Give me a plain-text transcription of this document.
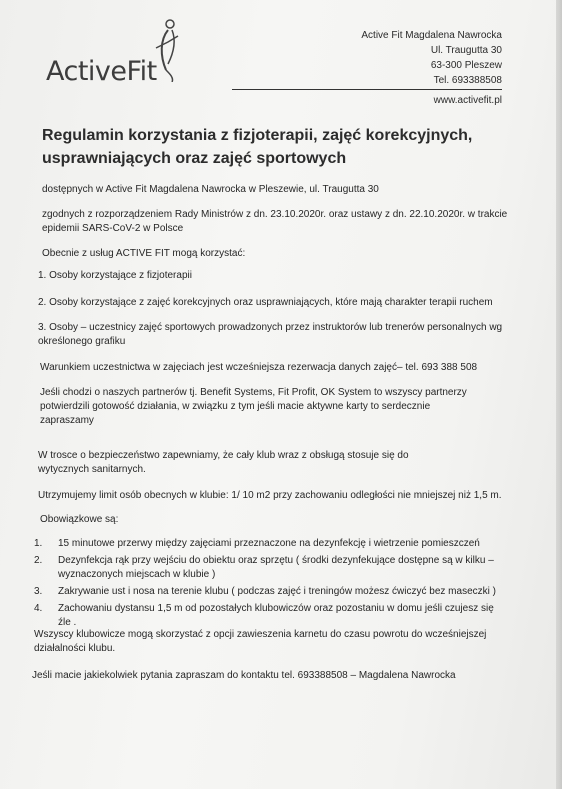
ActiveFit
Active Fit Magdalena Nawrocka
Ul. Traugutta 30
63-300 Pleszew
Tel. 693388508
www.activefit.pl
Regulamin korzystania z fizjoterapii, zajęć korekcyjnych, usprawniających oraz zajęć sportowych
dostępnych w Active Fit Magdalena Nawrocka w Pleszewie, ul. Traugutta 30
zgodnych z rozporządzeniem Rady Ministrów z dn. 23.10.2020r. oraz ustawy z dn. 22.10.2020r. w trakcie epidemii SARS-CoV-2 w Polsce
Obecnie z usług ACTIVE FIT mogą korzystać:
1. Osoby korzystające z fizjoterapii
2. Osoby korzystające z zajęć korekcyjnych oraz usprawniających, które mają charakter terapii ruchem
3. Osoby – uczestnicy zajęć sportowych prowadzonych przez instruktorów lub trenerów personalnych wg określonego grafiku
Warunkiem uczestnictwa w zajęciach jest wcześniejsza rezerwacja danych zajęć– tel. 693 388 508
Jeśli chodzi o naszych partnerów tj. Benefit Systems, Fit Profit, OK System to wszyscy partnerzy potwierdzili gotowość działania, w związku z tym jeśli macie aktywne karty to serdecznie zapraszamy
W trosce o bezpieczeństwo zapewniamy, że cały klub wraz z obsługą stosuje się do wytycznych sanitarnych.
Utrzymujemy limit osób obecnych w klubie: 1/ 10 m2 przy zachowaniu odległości nie mniejszej niż 1,5 m.
Obowiązkowe są:
1. 15 minutowe przerwy między zajęciami przeznaczone na dezynfekcję i wietrzenie pomieszczeń
2. Dezynfekcja rąk przy wejściu do obiektu oraz sprzętu ( środki dezynfekujące dostępne są w kilku – wyznaczonych miejscach w klubie )
3. Zakrywanie ust i nosa na terenie klubu ( podczas zajęć i treningów możesz ćwiczyć bez maseczki )
4. Zachowaniu dystansu 1,5 m od pozostałych klubowiczów oraz pozostaniu w domu jeśli czujesz się źle .
Wszyscy klubowicze mogą skorzystać z opcji zawieszenia karnetu do czasu powrotu do wcześniejszej działalności klubu.
Jeśli macie jakiekolwiek pytania zapraszam do kontaktu tel. 693388508 – Magdalena Nawrocka
